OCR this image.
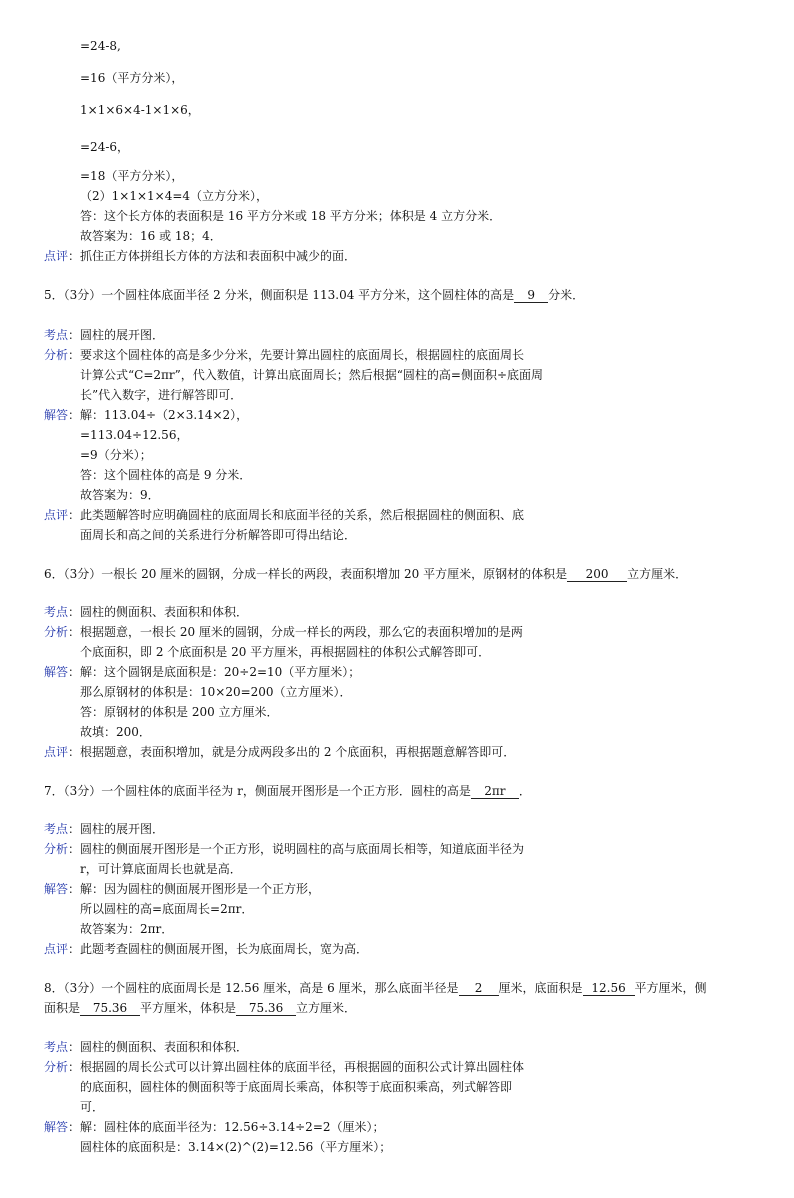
=24-8,
=16（平方分米），
1×1×6×4-1×1×6，
=24-6，
=18（平方分米），
（2）1×1×1×4=4（立方分米），
答：这个长方体的表面积是 16 平方分米或 18 平方分米；体积是 4 立方分米．
故答案为：16 或 18；4．
点评 ：抓住正方体拼组长方体的方法和表面积中减少的面．
5．（3分）一个圆柱体底面半径 2 分米，侧面积是 113.04 平方分米，这个圆柱体的高是 9 分米．
考点 ：圆柱的展开图．
分析 ：要求这个圆柱体的高是多少分米，先要计算出圆柱的底面周长，根据圆柱的底面周长
计算公式“C=2πr”，代入数值，计算出底面周长；然后根据“圆柱的高=侧面积÷底面周
长”代入数字，进行解答即可．
解答 ：解：113.04÷（2×3.14×2），
=113.04÷12.56，
=9（分米）；
答：这个圆柱体的高是 9 分米．
故答案为：9．
点评 ：此类题解答时应明确圆柱的底面周长和底面半径的关系，然后根据圆柱的侧面积、底
面周长和高之间的关系进行分析解答即可得出结论．
6．（3分）一根长 20 厘米的圆钢，分成一样长的两段，表面积增加 20 平方厘米，原钢材的体积是 200 立方厘米．
考点 ：圆柱的侧面积、表面积和体积．
分析 ：根据题意，一根长 20 厘米的圆钢，分成一样长的两段，那么它的表面积增加的是两
个底面积，即 2 个底面积是 20 平方厘米，再根据圆柱的体积公式解答即可．
解答 ：解：这个圆钢是底面积是：20÷2=10（平方厘米）；
那么原钢材的体积是：10×20=200（立方厘米）．
答：原钢材的体积是 200 立方厘米．
故填：200．
点评 ：根据题意，表面积增加，就是分成两段多出的 2 个底面积，再根据题意解答即可．
7．（3分）一个圆柱体的底面半径为 r，侧面展开图形是一个正方形．圆柱的高是 2πr ．
考点 ：圆柱的展开图．
分析 ：圆柱的侧面展开图形是一个正方形，说明圆柱的高与底面周长相等，知道底面半径为
r，可计算底面周长也就是高．
解答 ：解：因为圆柱的侧面展开图形是一个正方形，
所以圆柱的高=底面周长=2πr．
故答案为：2πr．
点评 ：此题考查圆柱的侧面展开图，长为底面周长，宽为高．
8．（3分）一个圆柱的底面周长是 12.56 厘米，高是 6 厘米，那么底面半径是 2 厘米，底面积是 12.56 平方厘米，侧
面积是 75.36 平方厘米，体积是 75.36 立方厘米．
考点 ：圆柱的侧面积、表面积和体积．
分析 ：根据圆的周长公式可以计算出圆柱体的底面半径，再根据圆的面积公式计算出圆柱体
的底面积，圆柱体的侧面积等于底面周长乘高，体积等于底面积乘高，列式解答即
可．
解答 ：解：圆柱体的底面半径为：12.56÷3.14÷2=2（厘米）；
圆柱体的底面积是：3.14×(2)^(2)=12.56（平方厘米）；
